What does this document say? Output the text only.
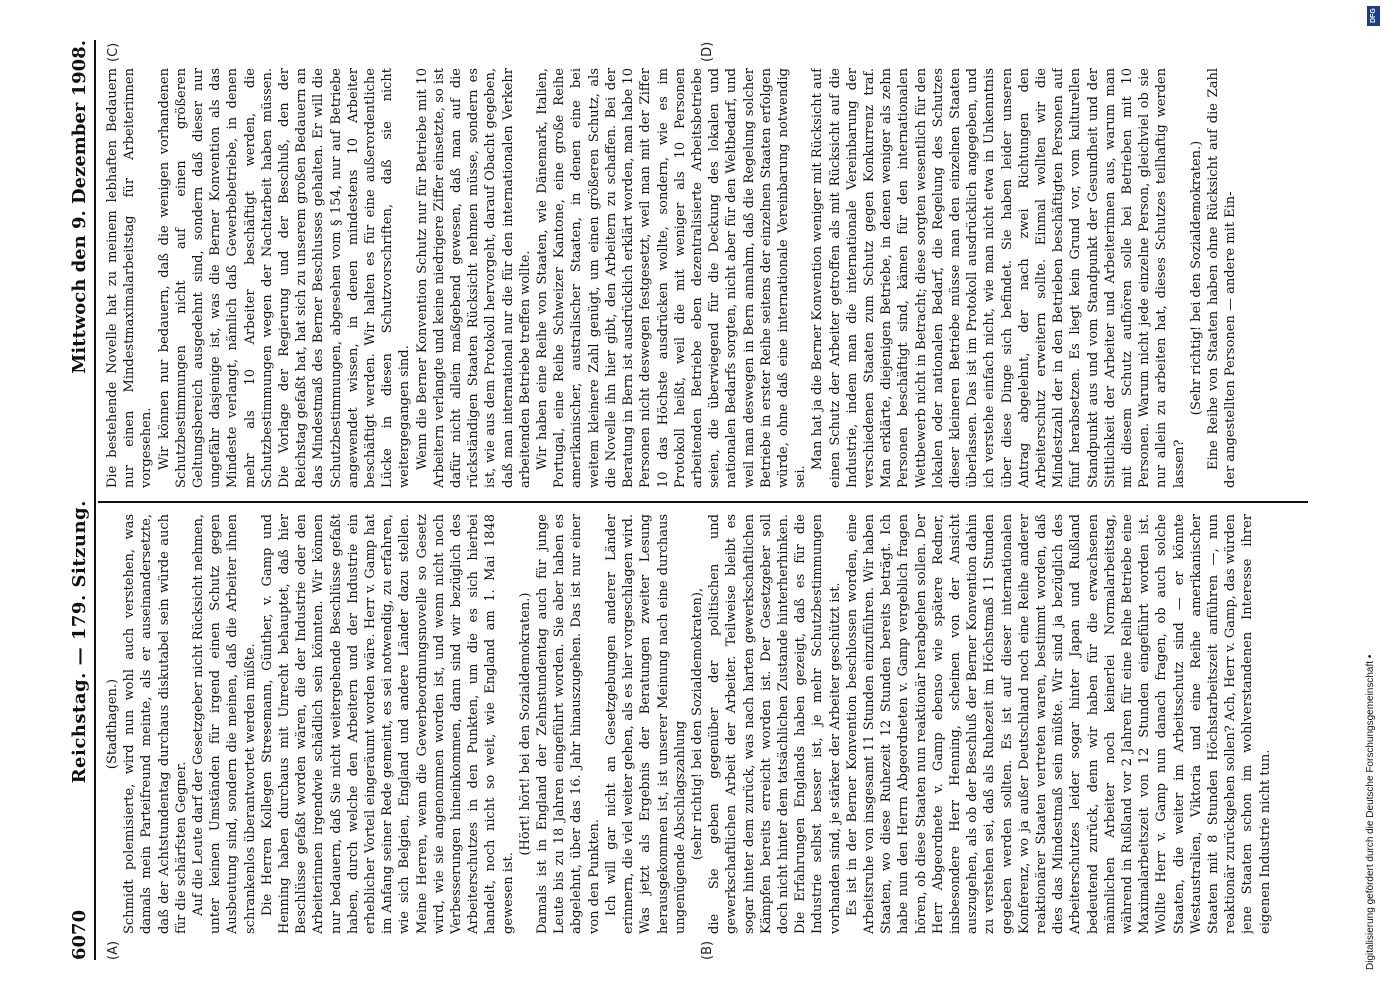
6070
Reichstag. — 179. Sitzung.
Mittwoch den 9. Dezember 1908.
(A)	(B)
(C)	(D)

(Stadthagen.) Schmidt polemisierte, wird nun wohl auch verstehen, was damals mein Parteifreund meinte, als er auseinandersetzte, daß der Achtstundentag durchaus diskutabel sein würde auch für die schärfsten Gegner. Auf die Leute darf der Gesetzgeber nicht Rücksicht nehmen, unter keinen Umständen für irgend einen Schutz gegen Ausbeutung sind, sondern die meinen, daß die Arbeiter ihnen schrankenlos überantwortet werden müßte. Die Herren Kollegen Stresemann, Günther, v. Gamp und Henning haben durchaus mit Unrecht behauptet, daß hier Beschlüsse gefaßt worden wären, die der Industrie oder den Arbeiterinnen irgendwie schädlich sein könnten. Wir können nur bedauern, daß Sie nicht weitergehende Beschlüsse gefaßt haben, durch welche den Arbeitern und der Industrie ein erheblicher Vorteil eingeräumt worden wäre. Herr v. Gamp hat im Anfang seiner Rede gemeint, es sei notwendig, zu erfahren, wie sich Belgien, England und andere Länder dazu stellen. Meine Herren, wenn die Gewerbeordnungsnovelle so Gesetz wird, wie sie angenommen worden ist, und wenn nicht noch Verbesserungen hineinkommen, dann sind wir bezüglich des Arbeiterschutzes in den Punkten, um die es sich hierbei handelt, noch nicht so weit, wie England am 1. Mai 1848 gewesen ist.

(Hört! hört! bei den Sozialdemokraten.) Damals ist in England der Zehnstundentag auch für junge Leute bis zu 18 Jahren eingeführt worden. Sie aber haben es abgelehnt, über das 16. Jahr hinauszugehen. Das ist nur einer von den Punkten. Ich will gar nicht an Gesetzgebungen anderer Länder erinnern, die viel weiter gehen, als es hier vorgeschlagen wird. Was jetzt als Ergebnis der Beratungen zweiter Lesung herausgekommen ist, ist unserer Meinung nach eine durchaus ungenügende Abschlagszahlung (sehr richtig! bei den Sozialdemokraten), die Sie geben gegenüber der politischen und gewerkschaftlichen Arbeit der Arbeiter. Teilweise bleibt es sogar hinter dem zurück, was nach harten gewerkschaftlichen Kämpfen bereits erreicht worden ist. Der Gesetzgeber soll doch nicht hinter dem tatsächlichen Zustande hinterherhinken. Die Erfahrungen Englands haben gezeigt, daß es für die Industrie selbst besser ist, je mehr Schutzbestimmungen vorhanden sind, je stärker der Arbeiter geschützt ist. Es ist in der Berner Konvention beschlossen worden, eine Arbeitsruhe von insgesamt 11 Stunden einzuführen. Wir haben Staaten, wo diese Ruhezeit 12 Stunden bereits beträgt. Ich habe nun den Herrn Abgeordneten v. Gamp vergeblich fragen hören, ob diese Staaten nun reaktionär herabgehen sollen. Der Herr Abgeordnete v. Gamp ebenso wie spätere Redner, insbesondere Herr Henning, scheinen von der Ansicht auszugehen, als ob der Beschluß der Berner Konvention dahin zu verstehen sei, daß als Ruhezeit im Höchstmaß 11 Stunden gegeben werden sollten. Es ist auf dieser internationalen Konferenz, wo ja außer Deutschland noch eine Reihe anderer reaktionärer Staaten vertreten waren, bestimmt worden, daß dies das Mindestmaß sein müßte. Wir sind ja bezüglich des Arbeiterschutzes leider sogar hinter Japan und Rußland bedeutend zurück, denn wir haben für die erwachsenen männlichen Arbeiter noch keinerlei Normalarbeitstag, während in Rußland vor 2 Jahren für eine Reihe Betriebe eine Maximalarbeitszeit von 12 Stunden eingeführt worden ist. Wollte Herr v. Gamp nun danach fragen, ob auch solche Staaten, die weiter im Arbeitsschutz sind — er könnte Westaustralien, Viktoria und eine Reihe amerikanischer Staaten mit 8 Stunden Höchstarbeitszeit anführen —, nun reaktionär zurückgehen sollen? Ach, Herr v. Gamp, das würden jene Staaten schon im wohlverstandenen Interesse ihrer eigenen Industrie nicht tun.

Die bestehende Novelle hat zu meinem lebhaften Bedauern nur einen Mindestmaximalarbeitstag für Arbeiterinnen vorgesehen. Wir können nur bedauern, daß die wenigen vorhandenen Schutzbestimmungen nicht auf einen größeren Geltungsbereich ausgedehnt sind, sondern daß dieser nur ungefähr dasjenige ist, was die Berner Konvention als das Mindeste verlangt, nämlich daß Gewerbebetriebe, in denen mehr als 10 Arbeiter beschäftigt werden, die Schutzbestimmungen wegen der Nachtarbeit haben müssen. Die Vorlage der Regierung und der Beschluß, den der Reichstag gefaßt hat, hat sich zu unserem großen Bedauern an das Mindestmaß des Berner Beschlusses gehalten. Er will die Schutzbestimmungen, abgesehen vom § 154, nur auf Betriebe angewendet wissen, in denen mindestens 10 Arbeiter beschäftigt werden. Wir halten es für eine außerordentliche Lücke in diesen Schutzvorschriften, daß sie nicht weitergegangen sind. Wenn die Berner Konvention Schutz nur für Betriebe mit 10 Arbeitern verlangte und keine niedrigere Ziffer einsetzte, so ist dafür nicht allein maßgebend gewesen, daß man auf die rückständigen Staaten Rücksicht nehmen müsse, sondern es ist, wie aus dem Protokoll hervorgeht, darauf Obacht gegeben, daß man international nur die für den internationalen Verkehr arbeitenden Betriebe treffen wollte. Wir haben eine Reihe von Staaten, wie Dänemark, Italien, Portugal, eine Reihe Schweizer Kantone, eine große Reihe amerikanischer, australischer Staaten, in denen eine bei weitem kleinere Zahl genügt, um einen größeren Schutz, als die Novelle ihn hier gibt, den Arbeitern zu schaffen. Bei der Beratung in Bern ist ausdrücklich erklärt worden, man habe 10 Personen nicht deswegen festgesetzt, weil man mit der Ziffer 10 das Höchste ausdrücken wollte, sondern, wie es im Protokoll heißt, weil die mit weniger als 10 Personen arbeitenden Betriebe eben dezentralisierte Arbeitsbetriebe seien, die überwiegend für die Deckung des lokalen und nationalen Bedarfs sorgten, nicht aber für den Weltbedarf, und weil man deswegen in Bern annahm, daß die Regelung solcher Betriebe in erster Reihe seitens der einzelnen Staaten erfolgen würde, ohne daß eine internationale Vereinbarung notwendig sei.

Man hat ja die Berner Konvention weniger mit Rücksicht auf einen Schutz der Arbeiter getroffen als mit Rücksicht auf die Industrie, indem man die internationale Vereinbarung der verschiedenen Staaten zum Schutz gegen Konkurrenz traf. Man erklärte, diejenigen Betriebe, in denen weniger als zehn Personen beschäftigt sind, kämen für den internationalen Wettbewerb nicht in Betracht; diese sorgten wesentlich für den lokalen oder nationalen Bedarf, die Regelung des Schutzes dieser kleineren Betriebe müsse man den einzelnen Staaten überlassen. Das ist im Protokoll ausdrücklich angegeben, und ich verstehe einfach nicht, wie man nicht etwa in Unkenntnis über diese Dinge sich befindet. Sie haben leider unseren Antrag abgelehnt, der nach zwei Richtungen den Arbeiterschutz erweitern sollte. Einmal wollten wir die Mindestzahl der in den Betrieben beschäftigten Personen auf fünf herabsetzen. Es liegt kein Grund vor, vom kulturellen Standpunkt aus und vom Standpunkt der Gesundheit und der Sittlichkeit der Arbeiter und Arbeiterinnen aus, warum man mit diesem Schutz aufhören solle bei Betrieben mit 10 Personen. Warum nicht jede einzelne Person, gleichviel ob sie nur allein zu arbeiten hat, dieses Schutzes teilhaftig werden lassen?

(Sehr richtig! bei den Sozialdemokraten.) Eine Reihe von Staaten haben ohne Rücksicht auf die Zahl der angestellten Personen — andere mit Ein-

DFG
Digitalisierung gefördert durch die Deutsche Forschungsgemeinschaft •
